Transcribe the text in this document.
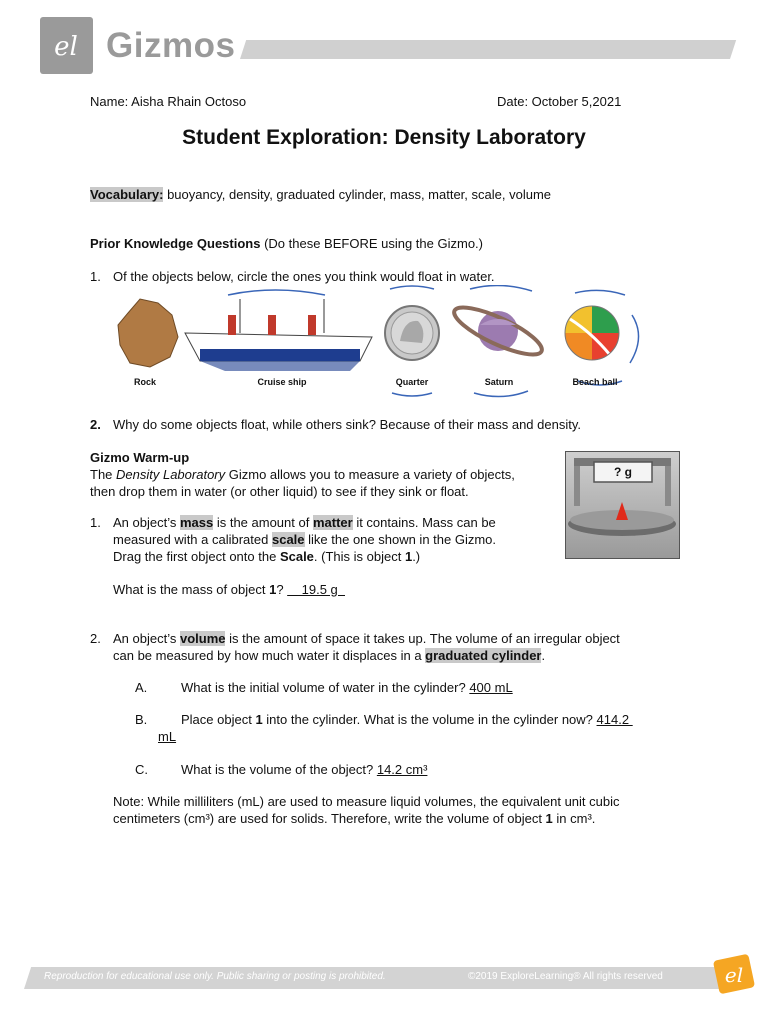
el Gizmos
Name: Aisha Rhain Octoso	Date: October 5,2021
Student Exploration: Density Laboratory
Vocabulary: buoyancy, density, graduated cylinder, mass, matter, scale, volume
Prior Knowledge Questions (Do these BEFORE using the Gizmo.)
1. Of the objects below, circle the ones you think would float in water.
Rock	Cruise ship	Quarter	Saturn	Beach ball
2. Why do some objects float, while others sink? Because of their mass and density.
Gizmo Warm-up
The Density Laboratory Gizmo allows you to measure a variety of objects,
then drop them in water (or other liquid) to see if they sink or float.
? g
1. An object’s mass is the amount of matter it contains. Mass can be
measured with a calibrated scale like the one shown in the Gizmo.
Drag the first object onto the Scale. (This is object 1.)
What is the mass of object 1?     19.5 g
2. An object’s volume is the amount of space it takes up. The volume of an irregular object
can be measured by how much water it displaces in a graduated cylinder.
A.	What is the initial volume of water in the cylinder? 400 mL
B.	Place object 1 into the cylinder. What is the volume in the cylinder now? 414.2
mL
C.	What is the volume of the object? 14.2 cm³
Note: While milliliters (mL) are used to measure liquid volumes, the equivalent unit cubic
centimeters (cm³) are used for solids. Therefore, write the volume of object 1 in cm³.
Reproduction for educational use only. Public sharing or posting is prohibited.	©2019 ExploreLearning® All rights reserved	el
